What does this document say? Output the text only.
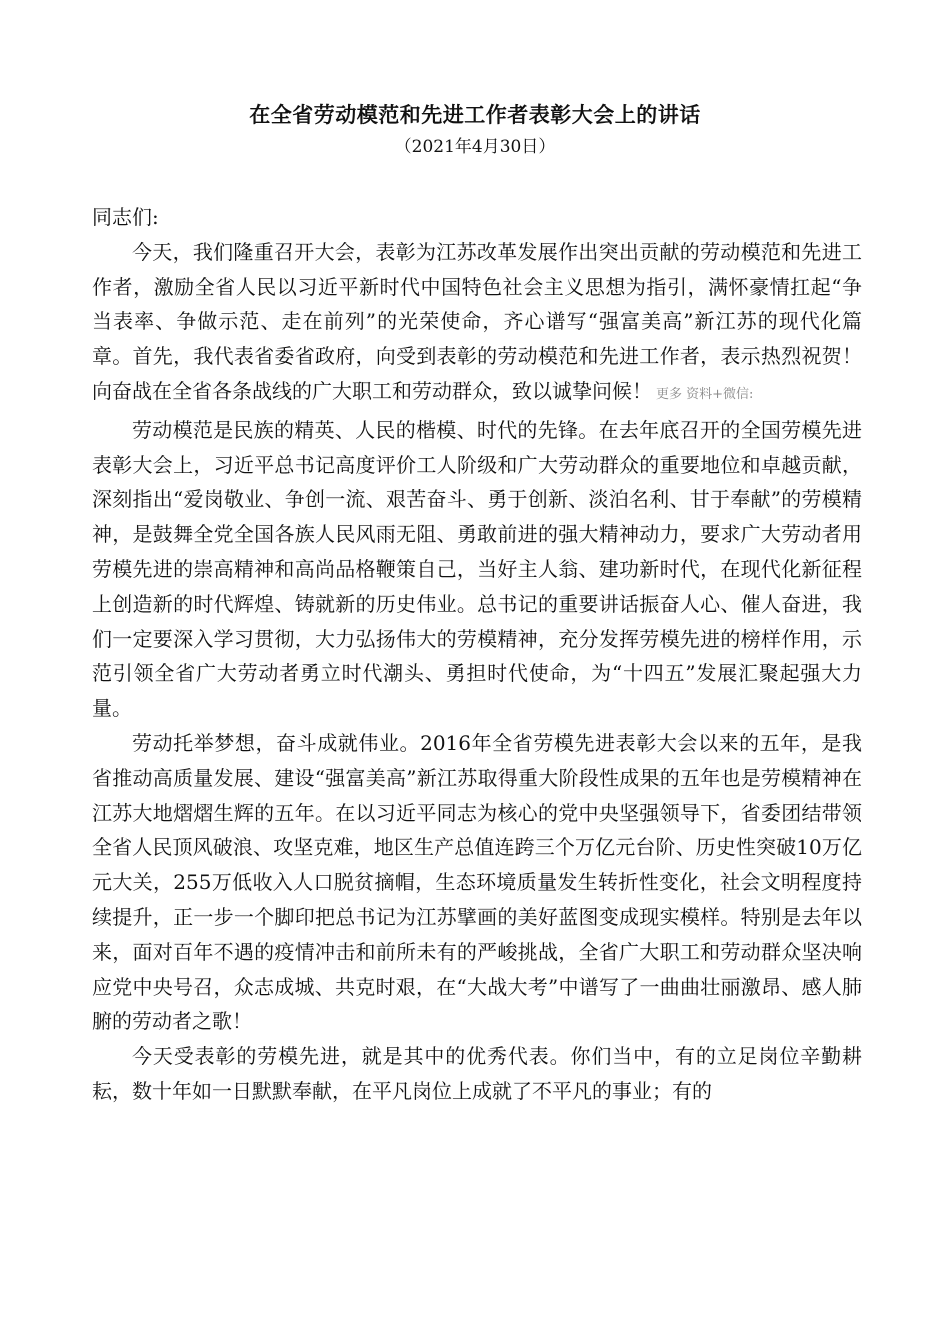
在全省劳动模范和先进工作者表彰大会上的讲话
（2021年4月30日）

同志们:

今天，我们隆重召开大会，表彰为江苏改革发展作出突出贡献的劳动模范和先进工作者，激励全省人民以习近平新时代中国特色社会主义思想为指引，满怀豪情扛起“争当表率、争做示范、走在前列”的光荣使命，齐心谱写“强富美高”新江苏的现代化篇章。首先，我代表省委省政府，向受到表彰的劳动模范和先进工作者，表示热烈祝贺！向奋战在全省各条战线的广大职工和劳动群众，致以诚挚问候！ 更多 资料+微信:

劳动模范是民族的精英、人民的楷模、时代的先锋。在去年底召开的全国劳模先进表彰大会上，习近平总书记高度评价工人阶级和广大劳动群众的重要地位和卓越贡献，深刻指出“爱岗敬业、争创一流、艰苦奋斗、勇于创新、淡泊名利、甘于奉献”的劳模精神，是鼓舞全党全国各族人民风雨无阻、勇敢前进的强大精神动力，要求广大劳动者用劳模先进的崇高精神和高尚品格鞭策自己，当好主人翁、建功新时代，在现代化新征程上创造新的时代辉煌、铸就新的历史伟业。总书记的重要讲话振奋人心、催人奋进，我们一定要深入学习贯彻，大力弘扬伟大的劳模精神，充分发挥劳模先进的榜样作用，示范引领全省广大劳动者勇立时代潮头、勇担时代使命，为“十四五”发展汇聚起强大力量。

劳动托举梦想，奋斗成就伟业。2016年全省劳模先进表彰大会以来的五年，是我省推动高质量发展、建设“强富美高”新江苏取得重大阶段性成果的五年也是劳模精神在江苏大地熠熠生辉的五年。在以习近平同志为核心的党中央坚强领导下，省委团结带领全省人民顶风破浪、攻坚克难，地区生产总值连跨三个万亿元台阶、历史性突破10万亿元大关，255万低收入人口脱贫摘帽，生态环境质量发生转折性变化，社会文明程度持续提升，正一步一个脚印把总书记为江苏擘画的美好蓝图变成现实模样。特别是去年以来，面对百年不遇的疫情冲击和前所未有的严峻挑战，全省广大职工和劳动群众坚决响应党中央号召，众志成城、共克时艰，在“大战大考”中谱写了一曲曲壮丽激昂、感人肺腑的劳动者之歌！

今天受表彰的劳模先进，就是其中的优秀代表。你们当中，有的立足岗位辛勤耕耘，数十年如一日默默奉献，在平凡岗位上成就了不平凡的事业；有的
